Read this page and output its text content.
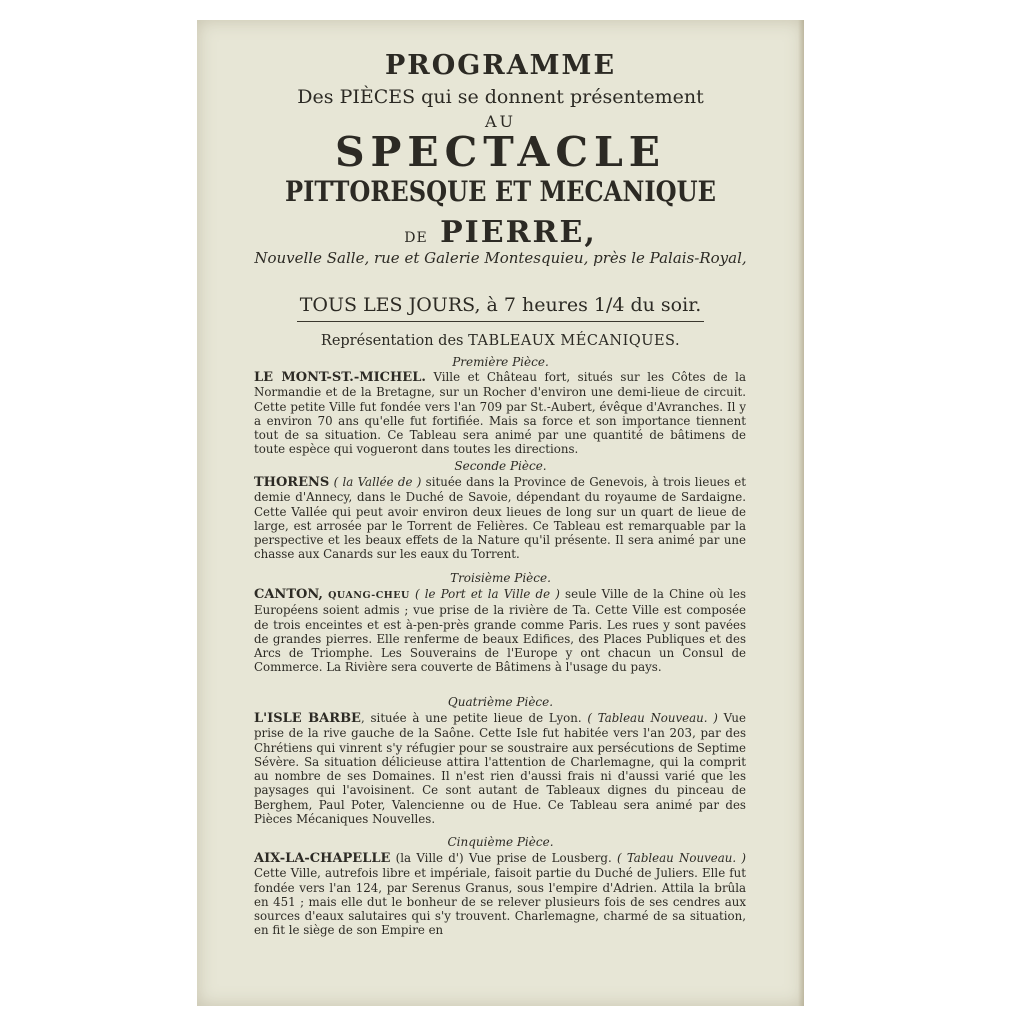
PROGRAMME
Des PIÈCES qui se donnent présentement
AU
SPECTACLE
PITTORESQUE ET MECANIQUE
DE PIERRE,
Nouvelle Salle, rue et Galerie Montesquieu, près le Palais-Royal,
TOUS LES JOURS, à 7 heures 1/4 du soir.
Représentation des TABLEAUX MÉCANIQUES.
Première Pièce.

LE MONT-ST.-MICHEL. Ville et Château fort, situés sur les Côtes de la Normandie et de la Bretagne, sur un Rocher d'environ une demi-lieue de circuit. Cette petite Ville fut fondée vers l'an 709 par St.-Aubert, évêque d'Avranches. Il y a environ 70 ans qu'elle fut fortifiée. Mais sa force et son importance tiennent tout de sa situation. Ce Tableau sera animé par une quantité de bâtimens de toute espèce qui vogueront dans toutes les directions.

Seconde Pièce.

THORENS ( la Vallée de ) située dans la Province de Genevois, à trois lieues et demie d'Annecy, dans le Duché de Savoie, dépendant du royaume de Sardaigne. Cette Vallée qui peut avoir environ deux lieues de long sur un quart de lieue de large, est arrosée par le Torrent de Felières. Ce Tableau est remarquable par la perspective et les beaux effets de la Nature qu'il présente. Il sera animé par une chasse aux Canards sur les eaux du Torrent.

Troisième Pièce.

CANTON, QUANG-CHEU ( le Port et la Ville de ) seule Ville de la Chine où les Européens soient admis ; vue prise de la rivière de Ta. Cette Ville est composée de trois enceintes et est à-pen-près grande comme Paris. Les rues y sont pavées de grandes pierres. Elle renferme de beaux Edifices, des Places Publiques et des Arcs de Triomphe. Les Souverains de l'Europe y ont chacun un Consul de Commerce. La Rivière sera couverte de Bâtimens à l'usage du pays.

Quatrième Pièce.

L'ISLE BARBE, située à une petite lieue de Lyon. ( Tableau Nouveau. ) Vue prise de la rive gauche de la Saône. Cette Isle fut habitée vers l'an 203, par des Chrétiens qui vinrent s'y réfugier pour se soustraire aux persécutions de Septime Sévère. Sa situation délicieuse attira l'attention de Charlemagne, qui la comprit au nombre de ses Domaines. Il n'est rien d'aussi frais ni d'aussi varié que les paysages qui l'avoisinent. Ce sont autant de Tableaux dignes du pinceau de Berghem, Paul Poter, Valencienne ou de Hue. Ce Tableau sera animé par des Pièces Mécaniques Nouvelles.

Cinquième Pièce.

AIX-LA-CHAPELLE (la Ville d') Vue prise de Lousberg. ( Tableau Nouveau. ) Cette Ville, autrefois libre et impériale, faisoit partie du Duché de Juliers. Elle fut fondée vers l'an 124, par Serenus Granus, sous l'empire d'Adrien. Attila la brûla en 451 ; mais elle dut le bonheur de se relever plusieurs fois de ses cendres aux sources d'eaux salutaires qui s'y trouvent. Charlemagne, charmé de sa situation, en fit le siège de son Empire en
